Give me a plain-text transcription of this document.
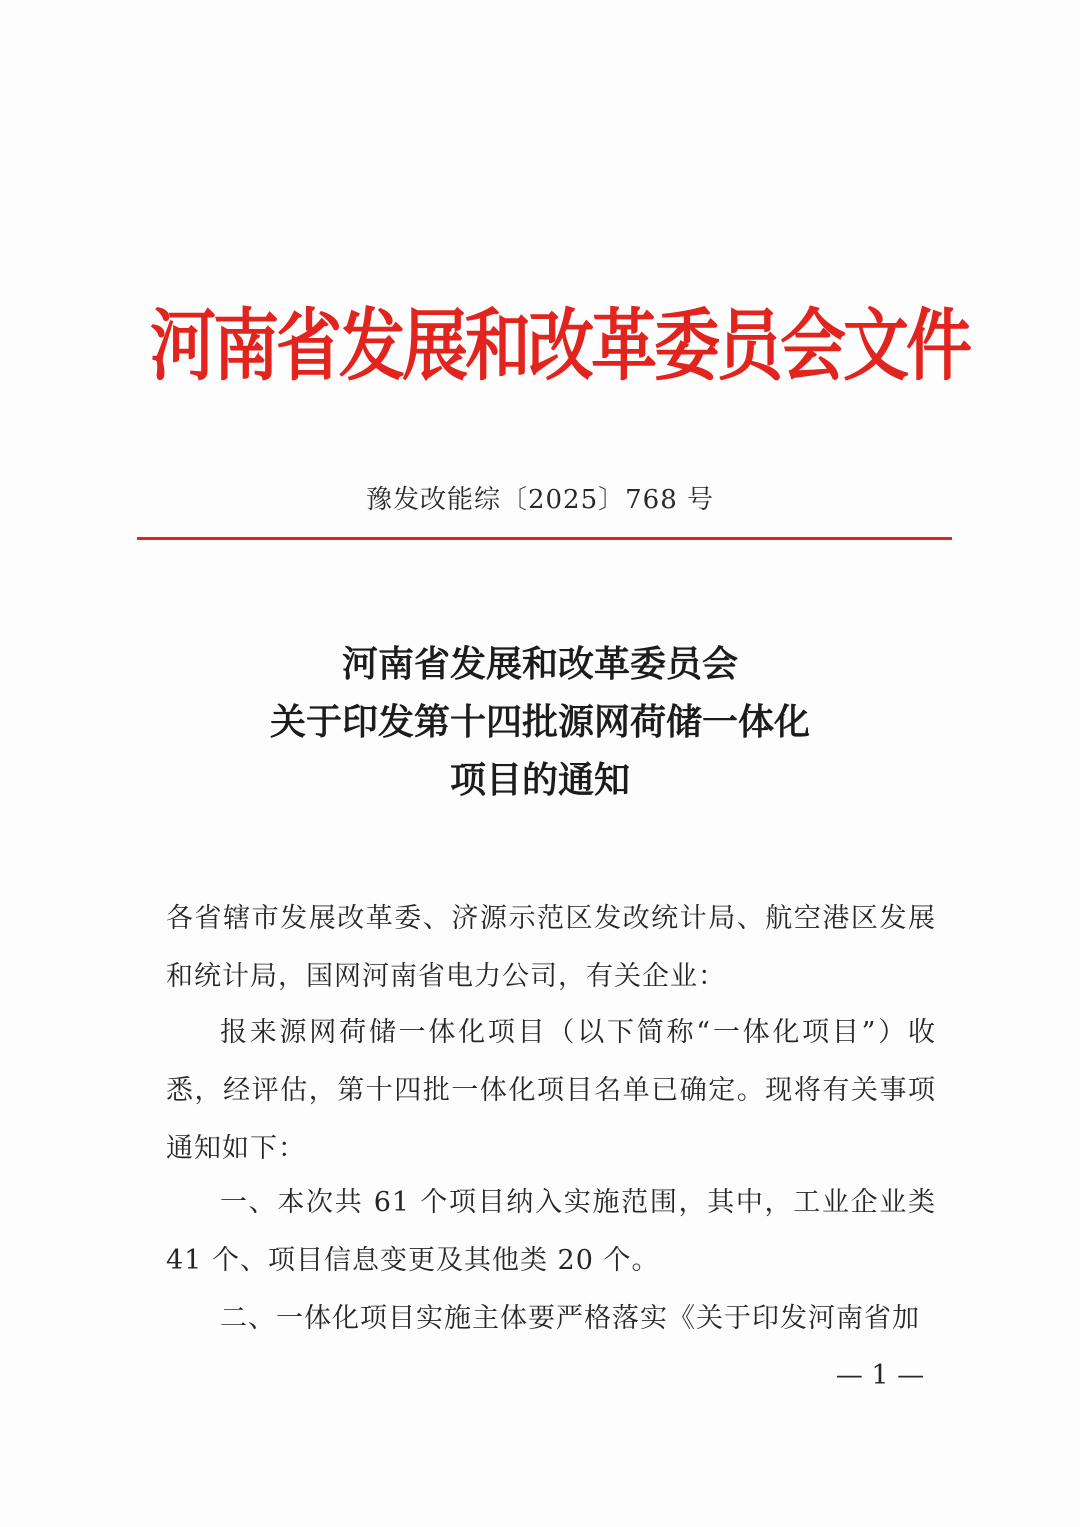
河南省发展和改革委员会文件
豫发改能综〔2025〕768 号
河南省发展和改革委员会
关于印发第十四批源网荷储一体化
项目的通知
各省辖市发展改革委、济源示范区发改统计局、航空港区发展和统计局，国网河南省电力公司，有关企业：
报来源网荷储一体化项目（以下简称“一体化项目”）收悉，经评估，第十四批一体化项目名单已确定。现将有关事项通知如下：
一、本次共 61 个项目纳入实施范围，其中，工业企业类 41 个、项目信息变更及其他类 20 个。
二、一体化项目实施主体要严格落实《关于印发河南省加
— 1 —
